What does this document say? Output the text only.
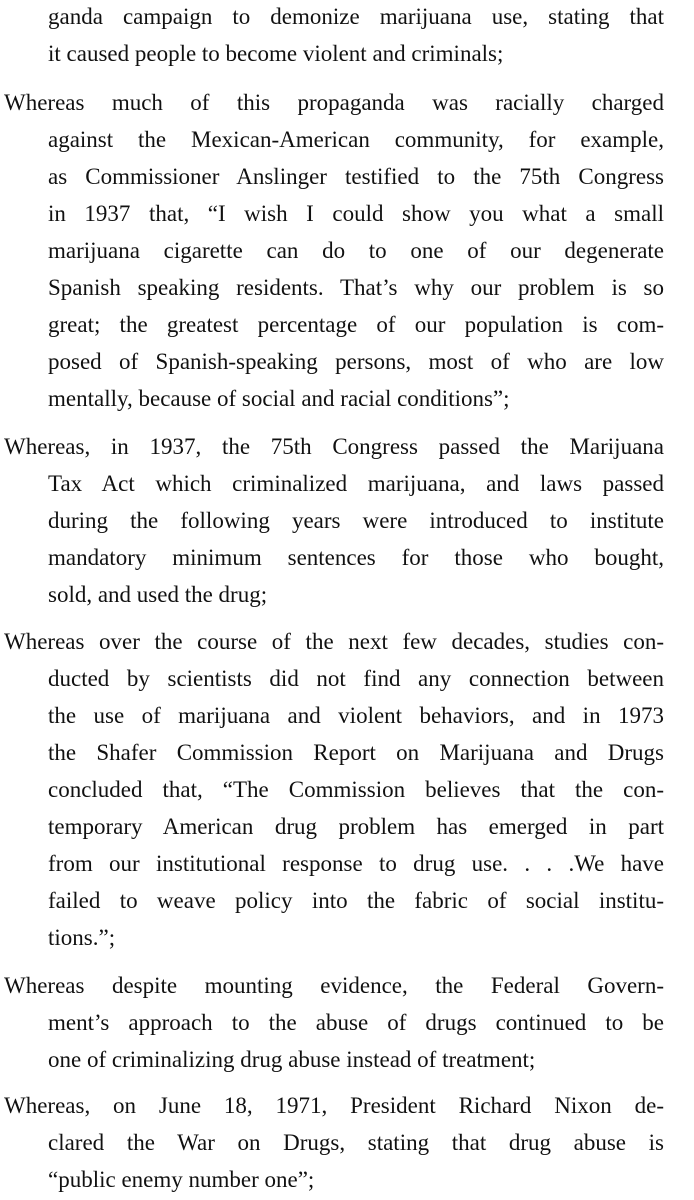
ganda campaign to demonize marijuana use, stating that
it caused people to become violent and criminals;
Whereas much of this propaganda was racially charged
against the Mexican-American community, for example,
as Commissioner Anslinger testified to the 75th Congress
in 1937 that, “I wish I could show you what a small
marijuana cigarette can do to one of our degenerate
Spanish speaking residents. That’s why our problem is so
great; the greatest percentage of our population is com-
posed of Spanish-speaking persons, most of who are low
mentally, because of social and racial conditions”;
Whereas, in 1937, the 75th Congress passed the Marijuana
Tax Act which criminalized marijuana, and laws passed
during the following years were introduced to institute
mandatory minimum sentences for those who bought,
sold, and used the drug;
Whereas over the course of the next few decades, studies con-
ducted by scientists did not find any connection between
the use of marijuana and violent behaviors, and in 1973
the Shafer Commission Report on Marijuana and Drugs
concluded that, “The Commission believes that the con-
temporary American drug problem has emerged in part
from our institutional response to drug use. . . .We have
failed to weave policy into the fabric of social institu-
tions.”;
Whereas despite mounting evidence, the Federal Govern-
ment’s approach to the abuse of drugs continued to be
one of criminalizing drug abuse instead of treatment;
Whereas, on June 18, 1971, President Richard Nixon de-
clared the War on Drugs, stating that drug abuse is
“public enemy number one”;
